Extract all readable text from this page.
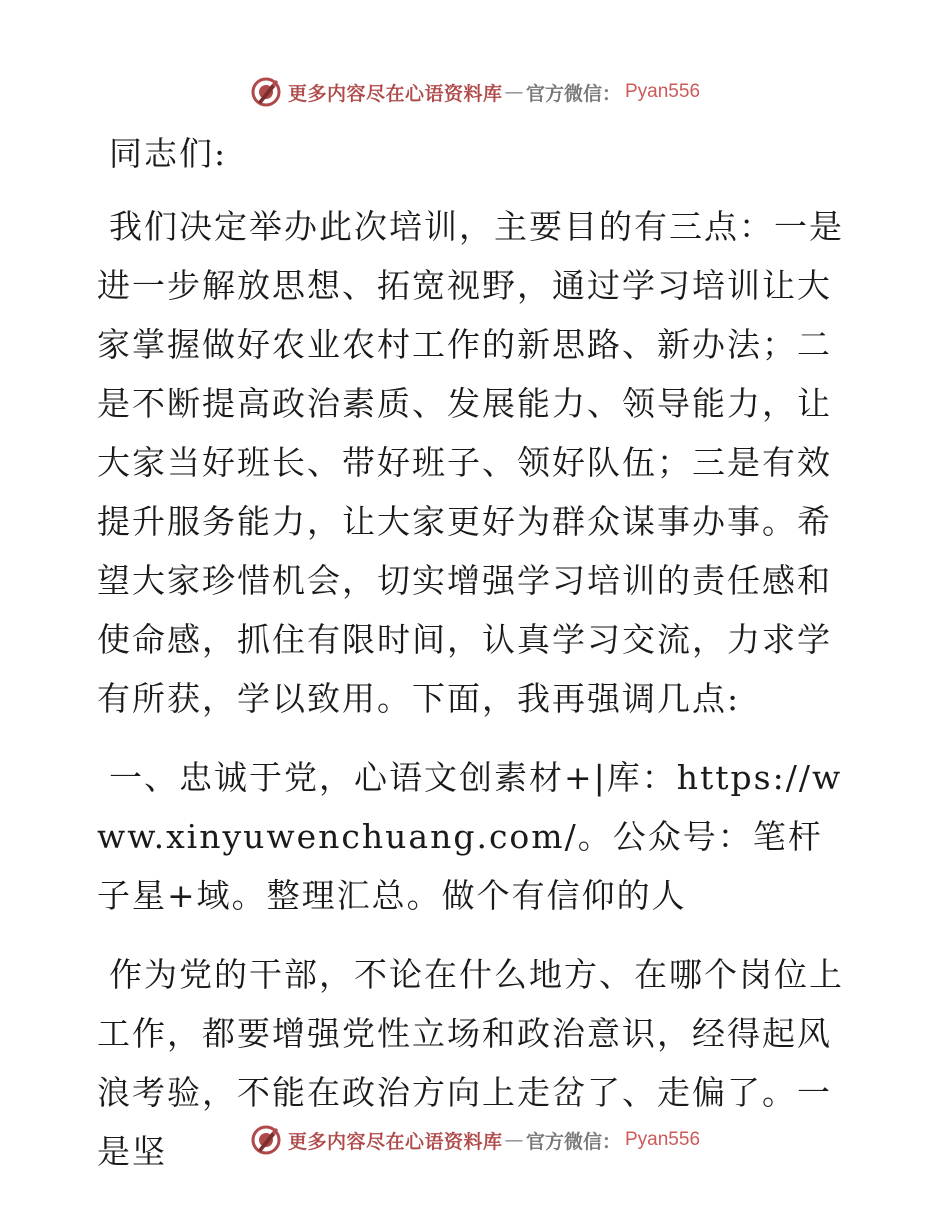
更多内容尽在心语资料库 — 官方微信： Pyan556

同志们:

我们决定举办此次培训，主要目的有三点：一是进一步解放思想、拓宽视野，通过学习培训让大家掌握做好农业农村工作的新思路、新办法；二是不断提高政治素质、发展能力、领导能力，让大家当好班长、带好班子、领好队伍；三是有效提升服务能力，让大家更好为群众谋事办事。希望大家珍惜机会，切实增强学习培训的责任感和使命感，抓住有限时间，认真学习交流，力求学有所获，学以致用。下面，我再强调几点:

一、忠诚于党，心语文创素材+|库：https://www.xinyuwenchuang.com/。公众号：笔杆子星+域。整理汇总。做个有信仰的人

作为党的干部，不论在什么地方、在哪个岗位上工作，都要增强党性立场和政治意识，经得起风浪考验，不能在政治方向上走岔了、走偏了。一是坚	更多内容尽在心语资料库 — 官方微信： Pyan556
